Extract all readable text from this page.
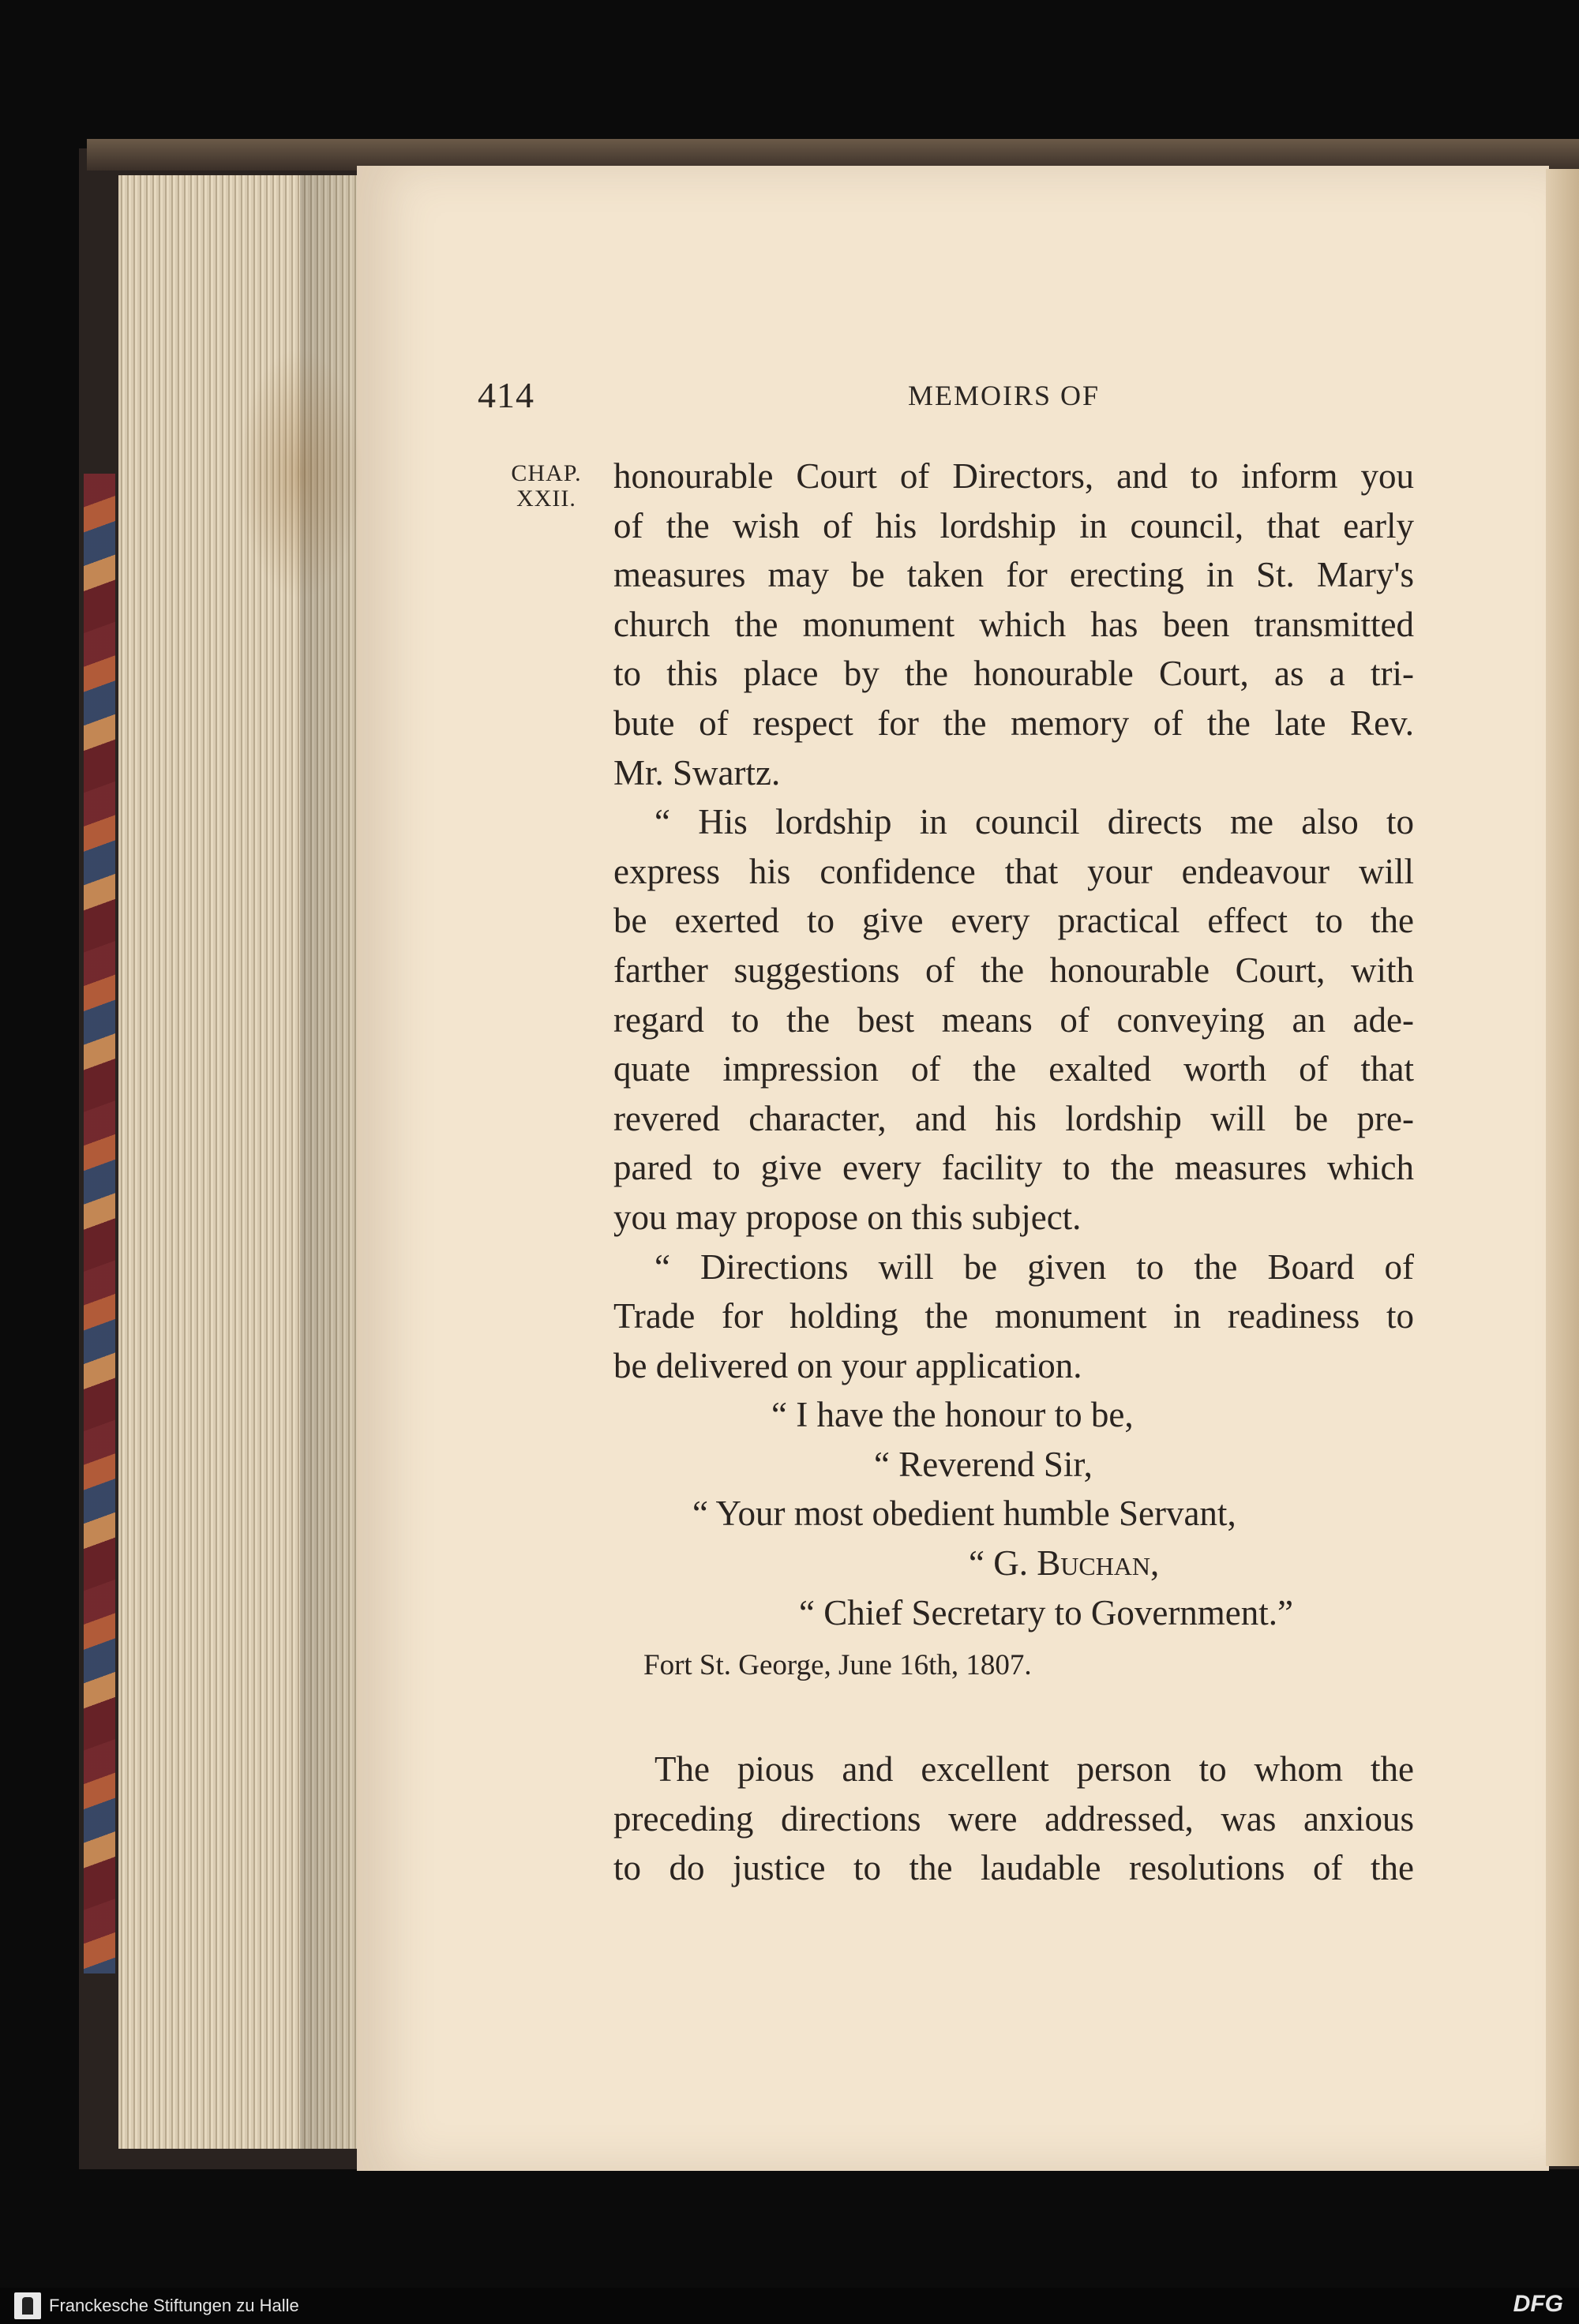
414	MEMOIRS OF
CHAP.
XXII.
honourable Court of Directors, and to inform you
of the wish of his lordship in council, that early
measures may be taken for erecting in St. Mary's
church the monument which has been transmitted
to this place by the honourable Court, as a tri-
bute of respect for the memory of the late Rev.
Mr. Swartz.
“ His lordship in council directs me also to
express his confidence that your endeavour will
be exerted to give every practical effect to the
farther suggestions of the honourable Court, with
regard to the best means of conveying an ade-
quate impression of the exalted worth of that
revered character, and his lordship will be pre-
pared to give every facility to the measures which
you may propose on this subject.
“ Directions will be given to the Board of
Trade for holding the monument in readiness to
be delivered on your application.
“ I have the honour to be,
“ Reverend Sir,
“ Your most obedient humble Servant,
“ G. Buchan,
“ Chief Secretary to Government.”
Fort St. George, June 16th, 1807.
The pious and excellent person to whom the
preceding directions were addressed, was anxious
to do justice to the laudable resolutions of the
Franckesche Stiftungen zu Halle	DFG
